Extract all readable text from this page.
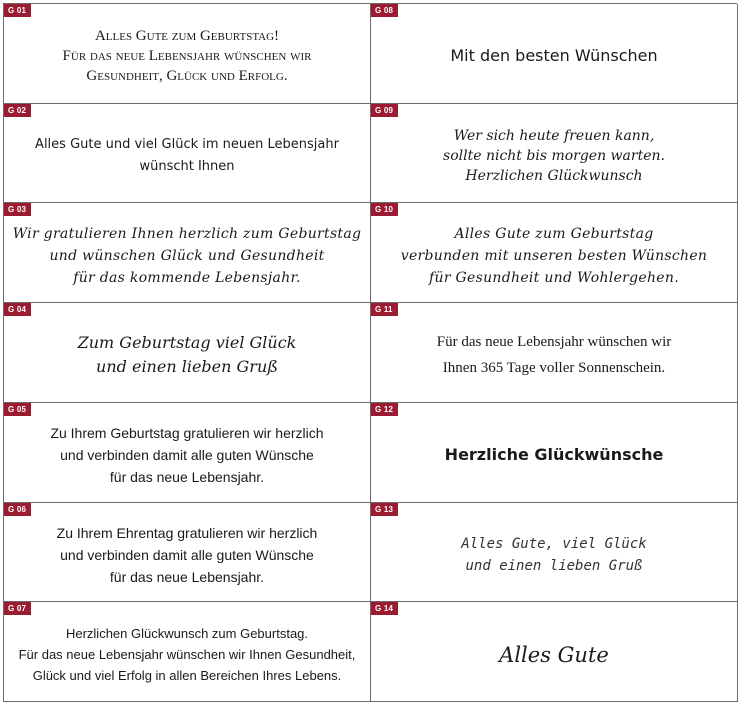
G 01
Alles Gute zum Geburtstag!
Für das neue Lebensjahr wünschen wir
Gesundheit, Glück und Erfolg.
G 08
Mit den besten Wünschen
G 02
Alles Gute und viel Glück im neuen Lebensjahr
wünscht Ihnen
G 09
Wer sich heute freuen kann,
sollte nicht bis morgen warten.
Herzlichen Glückwunsch
G 03
Wir gratulieren Ihnen herzlich zum Geburtstag
und wünschen Glück und Gesundheit
für das kommende Lebensjahr.
G 10
Alles Gute zum Geburtstag
verbunden mit unseren besten Wünschen
für Gesundheit und Wohlergehen.
G 04
Zum Geburtstag viel Glück
und einen lieben Gruß
G 11
Für das neue Lebensjahr wünschen wir
Ihnen 365 Tage voller Sonnenschein.
G 05
Zu Ihrem Geburtstag gratulieren wir herzlich
und verbinden damit alle guten Wünsche
für das neue Lebensjahr.
G 12
Herzliche Glückwünsche
G 06
Zu Ihrem Ehrentag gratulieren wir herzlich
und verbinden damit alle guten Wünsche
für das neue Lebensjahr.
G 13
Alles Gute, viel Glück
und einen lieben Gruß
G 07
Herzlichen Glückwunsch zum Geburtstag.
Für das neue Lebensjahr wünschen wir Ihnen Gesundheit,
Glück und viel Erfolg in allen Bereichen Ihres Lebens.
G 14
Alles Gute
